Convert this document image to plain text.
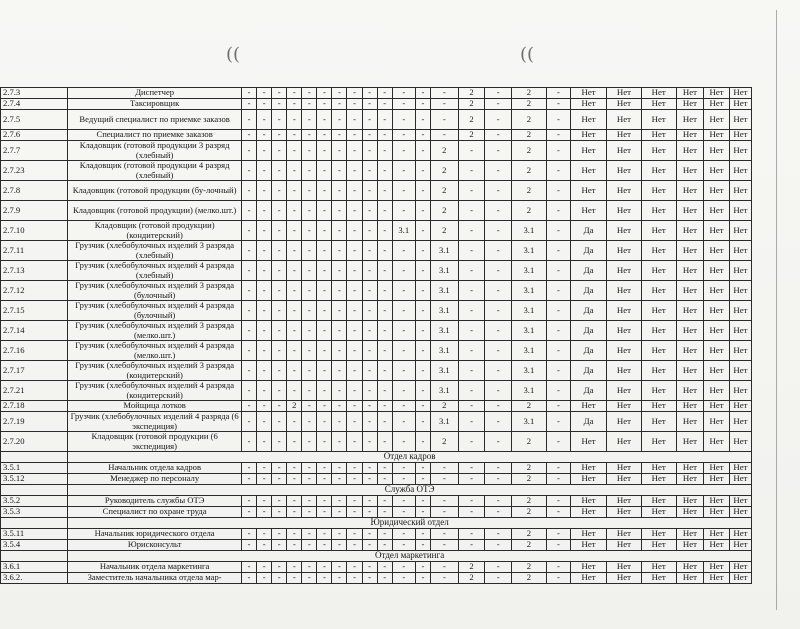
((	((
2.7.3	Диспетчер	-	-	-	-	-	-	-	-	-	-	-	-	-	2	-	2	-	Нет	Нет	Нет	Нет	Нет	Нет
2.7.4	Таксировщик	-	-	-	-	-	-	-	-	-	-	-	-	-	2	-	2	-	Нет	Нет	Нет	Нет	Нет	Нет
2.7.5	Ведущий специалист по приемке заказов	-	-	-	-	-	-	-	-	-	-	-	-	-	2	-	2	-	Нет	Нет	Нет	Нет	Нет	Нет
2.7.6	Специалист по приемке заказов	-	-	-	-	-	-	-	-	-	-	-	-	-	2	-	2	-	Нет	Нет	Нет	Нет	Нет	Нет
2.7.7	Кладовщик (готовой продукции 3 разряд (хлебный)	-	-	-	-	-	-	-	-	-	-	-	-	2	-	-	2	-	Нет	Нет	Нет	Нет	Нет	Нет
2.7.23	Кладовщик (готовой продукции 4 разряд (хлебный)	-	-	-	-	-	-	-	-	-	-	-	-	2	-	-	2	-	Нет	Нет	Нет	Нет	Нет	Нет
2.7.8	Кладовщик (готовой продукции (бу-лочный)	-	-	-	-	-	-	-	-	-	-	-	-	2	-	-	2	-	Нет	Нет	Нет	Нет	Нет	Нет
2.7.9	Кладовщик (готовой продукции) (мелко.шт.)	-	-	-	-	-	-	-	-	-	-	-	-	2	-	-	2	-	Нет	Нет	Нет	Нет	Нет	Нет
2.7.10	Кладовщик (готовой продукции) (кондитерский)	-	-	-	-	-	-	-	-	-	-	3.1	-	2	-	-	3.1	-	Да	Нет	Нет	Нет	Нет	Нет
2.7.11	Грузчик (хлебобулочных изделий 3 разряда (хлебный)	-	-	-	-	-	-	-	-	-	-	-	-	3.1	-	-	3.1	-	Да	Нет	Нет	Нет	Нет	Нет
2.7.13	Грузчик (хлебобулочных изделий 4 разряда (хлебный)	-	-	-	-	-	-	-	-	-	-	-	-	3.1	-	-	3.1	-	Да	Нет	Нет	Нет	Нет	Нет
2.7.12	Грузчик (хлебобулочных изделий 3 разряда (булочный)	-	-	-	-	-	-	-	-	-	-	-	-	3.1	-	-	3.1	-	Да	Нет	Нет	Нет	Нет	Нет
2.7.15	Грузчик (хлебобулочных изделий 4 разряда (булочный)	-	-	-	-	-	-	-	-	-	-	-	-	3.1	-	-	3.1	-	Да	Нет	Нет	Нет	Нет	Нет
2.7.14	Грузчик (хлебобулочных изделий 3 разряда (мелко.шт.)	-	-	-	-	-	-	-	-	-	-	-	-	3.1	-	-	3.1	-	Да	Нет	Нет	Нет	Нет	Нет
2.7.16	Грузчик (хлебобулочных изделий 4 разряда (мелко.шт.)	-	-	-	-	-	-	-	-	-	-	-	-	3.1	-	-	3.1	-	Да	Нет	Нет	Нет	Нет	Нет
2.7.17	Грузчик (хлебобулочных изделий 3 разряда (кондитерский)	-	-	-	-	-	-	-	-	-	-	-	-	3.1	-	-	3.1	-	Да	Нет	Нет	Нет	Нет	Нет
2.7.21	Грузчик (хлебобулочных изделий 4 разряда (кондитерский)	-	-	-	-	-	-	-	-	-	-	-	-	3.1	-	-	3.1	-	Да	Нет	Нет	Нет	Нет	Нет
2.7.18	Мойщица лотков	-	-	-	2	-	-	-	-	-	-	-	-	2	-	-	2	-	Нет	Нет	Нет	Нет	Нет	Нет
2.7.19	Грузчик (хлебобулочных изделий 4 разряда (6 экспедиция)	-	-	-	-	-	-	-	-	-	-	-	-	3.1	-	-	3.1	-	Да	Нет	Нет	Нет	Нет	Нет
2.7.20	Кладовщик (готовой продукции (6 экспедиция)	-	-	-	-	-	-	-	-	-	-	-	-	2	-	-	2	-	Нет	Нет	Нет	Нет	Нет	Нет
	Отдел кадров																							
3.5.1	Начальник отдела кадров	-	-	-	-	-	-	-	-	-	-	-	-	-	-	-	2	-	Нет	Нет	Нет	Нет	Нет	Нет
3.5.12	Менеджер по персоналу	-	-	-	-	-	-	-	-	-	-	-	-	-	-	-	2	-	Нет	Нет	Нет	Нет	Нет	Нет
	Служба ОТЭ																							
3.5.2	Руководитель службы ОТЭ	-	-	-	-	-	-	-	-	-	-	-	-	-	-	-	2	-	Нет	Нет	Нет	Нет	Нет	Нет
3.5.3	Специалист по охране труда	-	-	-	-	-	-	-	-	-	-	-	-	-	-	-	2	-	Нет	Нет	Нет	Нет	Нет	Нет
	Юридический отдел																							
3.5.11	Начальник юридического отдела	-	-	-	-	-	-	-	-	-	-	-	-	-	-	-	2	-	Нет	Нет	Нет	Нет	Нет	Нет
3.5.4	Юрисконсульт	-	-	-	-	-	-	-	-	-	-	-	-	-	-	-	2	-	Нет	Нет	Нет	Нет	Нет	Нет
	Отдел маркетинга																							
3.6.1	Начальник отдела маркетинга	-	-	-	-	-	-	-	-	-	-	-	-	-	2	-	2	-	Нет	Нет	Нет	Нет	Нет	Нет
3.6.2.	Заместитель начальника отдела мар-	-	-	-	-	-	-	-	-	-	-	-	-	-	2	-	2	-	Нет	Нет	Нет	Нет	Нет	Нет
